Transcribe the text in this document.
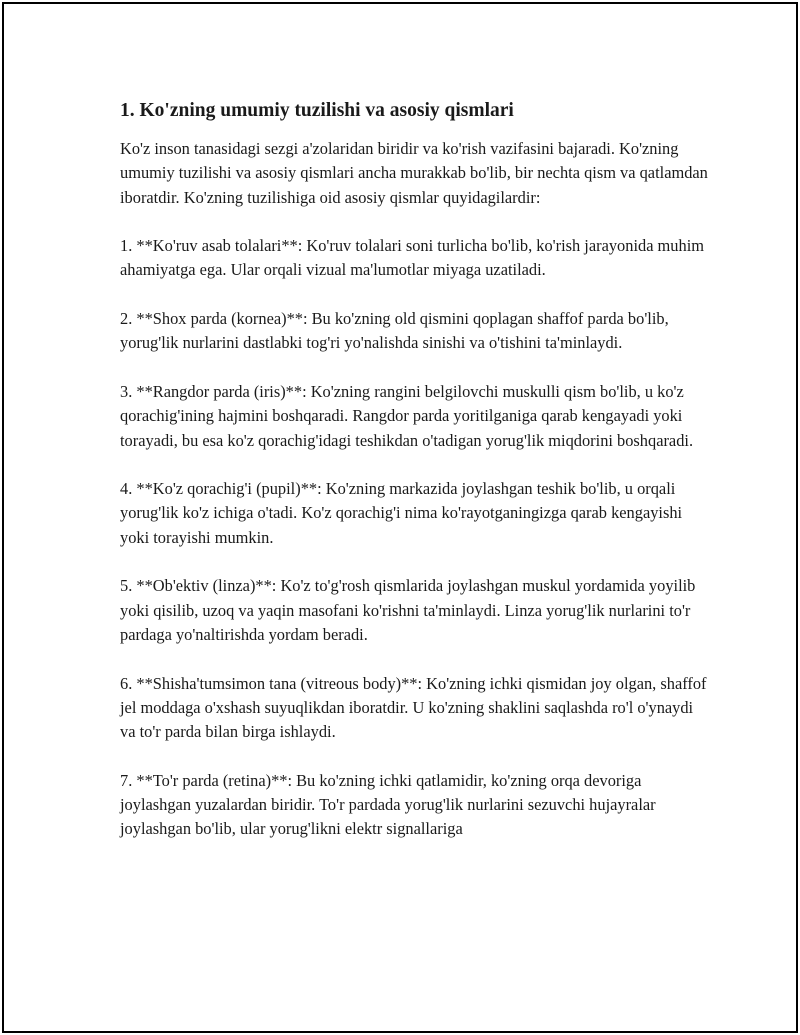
1. Ko'zning umumiy tuzilishi va asosiy qismlari

Ko'z inson tanasidagi sezgi a'zolaridan biridir va ko'rish vazifasini bajaradi. Ko'zning umumiy tuzilishi va asosiy qismlari ancha murakkab bo'lib, bir nechta qism va qatlamdan iboratdir. Ko'zning tuzilishiga oid asosiy qismlar quyidagilardir:

1. **Ko'ruv asab tolalari**: Ko'ruv tolalari soni turlicha bo'lib, ko'rish jarayonida muhim ahamiyatga ega. Ular orqali vizual ma'lumotlar miyaga uzatiladi.

2. **Shox parda (kornea)**: Bu ko'zning old qismini qoplagan shaffof parda bo'lib, yorug'lik nurlarini dastlabki tog'ri yo'nalishda sinishi va o'tishini ta'minlaydi.

3. **Rangdor parda (iris)**: Ko'zning rangini belgilovchi muskulli qism bo'lib, u ko'z qorachig'ining hajmini boshqaradi. Rangdor parda yoritilganiga qarab kengayadi yoki torayadi, bu esa ko'z qorachig'idagi teshikdan o'tadigan yorug'lik miqdorini boshqaradi.

4. **Ko'z qorachig'i (pupil)**: Ko'zning markazida joylashgan teshik bo'lib, u orqali yorug'lik ko'z ichiga o'tadi. Ko'z qorachig'i nima ko'rayotganingizga qarab kengayishi yoki torayishi mumkin.

5. **Ob'ektiv (linza)**: Ko'z to'g'rosh qismlarida joylashgan muskul yordamida yoyilib yoki qisilib, uzoq va yaqin masofani ko'rishni ta'minlaydi. Linza yorug'lik nurlarini to'r pardaga yo'naltirishda yordam beradi.

6. **Shisha'tumsimon tana (vitreous body)**: Ko'zning ichki qismidan joy olgan, shaffof jel moddaga o'xshash suyuqlikdan iboratdir. U ko'zning shaklini saqlashda ro'l o'ynaydi va to'r parda bilan birga ishlaydi.

7. **To'r parda (retina)**: Bu ko'zning ichki qatlamidir, ko'zning orqa devoriga joylashgan yuzalardan biridir. To'r pardada yorug'lik nurlarini sezuvchi hujayralar joylashgan bo'lib, ular yorug'likni elektr signallariga
